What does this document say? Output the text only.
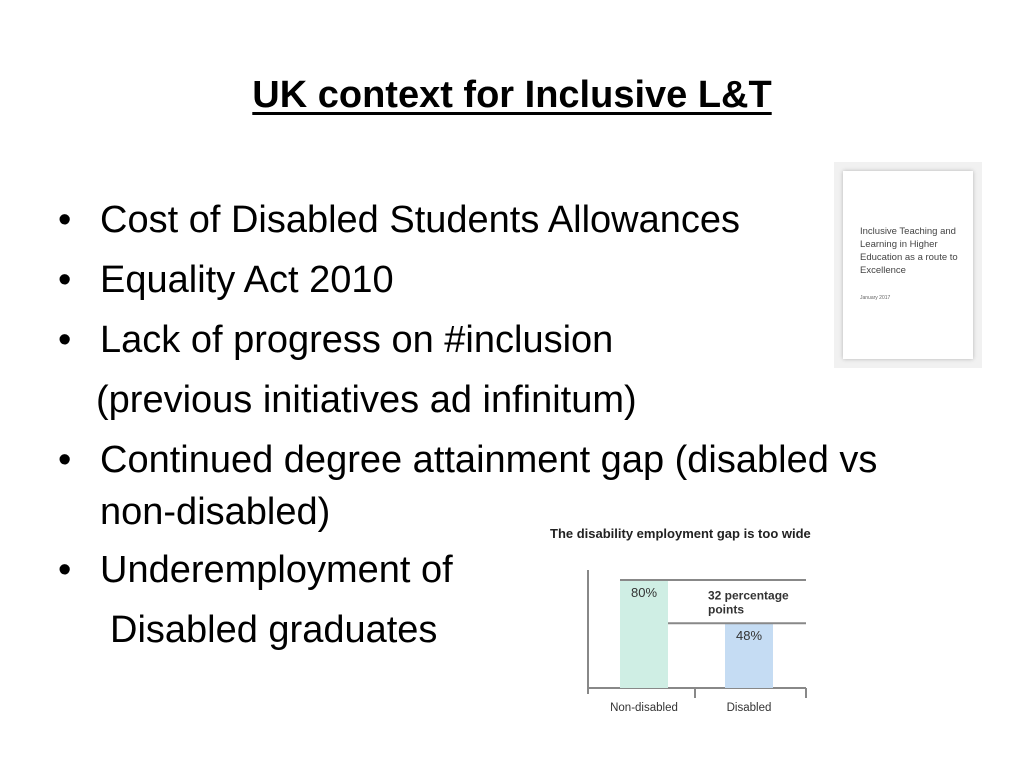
UK context for Inclusive L&T
• Cost of Disabled Students Allowances

• Equality Act 2010

• Lack of progress on #inclusion

(previous initiatives ad infinitum)

• Continued degree attainment gap (disabled vs non-disabled)

• Underemployment of

Disabled graduates

Inclusive Teaching and Learning in Higher Education as a route to Excellence
January 2017
The disability employment gap is too wide
80%
Non-disabled
48%
Disabled
32 percentage
points
